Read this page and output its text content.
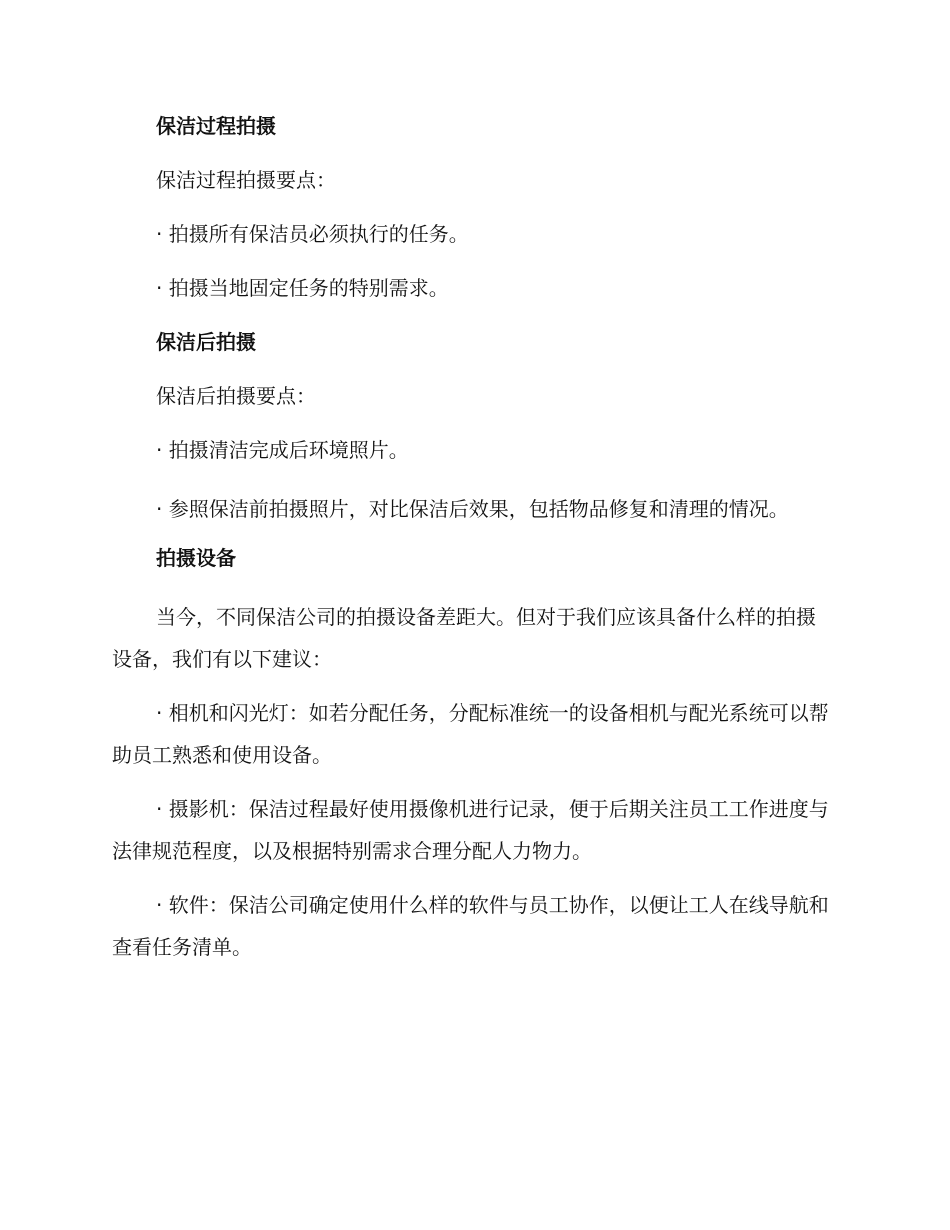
保洁过程拍摄
保洁过程拍摄要点：
· 拍摄所有保洁员必须执行的任务。
· 拍摄当地固定任务的特别需求。
保洁后拍摄
保洁后拍摄要点：
· 拍摄清洁完成后环境照片。
· 参照保洁前拍摄照片，对比保洁后效果，包括物品修复和清理的情况。
拍摄设备
当今，不同保洁公司的拍摄设备差距大。但对于我们应该具备什么样的拍摄设备，我们有以下建议：
· 相机和闪光灯：如若分配任务，分配标准统一的设备相机与配光系统可以帮助员工熟悉和使用设备。
· 摄影机：保洁过程最好使用摄像机进行记录，便于后期关注员工工作进度与法律规范程度，以及根据特别需求合理分配人力物力。
· 软件：保洁公司确定使用什么样的软件与员工协作，以便让工人在线导航和查看任务清单。
